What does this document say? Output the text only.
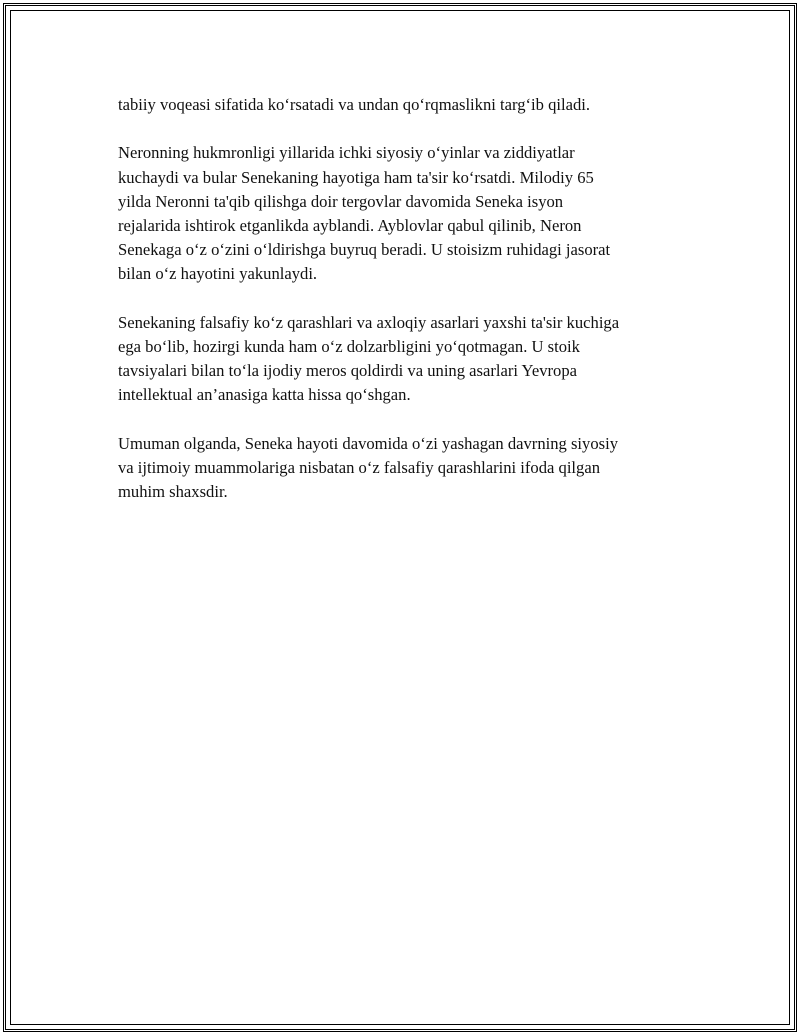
tabiiy voqeasi sifatida ko‘rsatadi va undan qo‘rqmaslikni targ‘ib qiladi.

Neronning hukmronligi yillarida ichki siyosiy o‘yinlar va ziddiyatlar
kuchaydi va bular Senekaning hayotiga ham ta'sir ko‘rsatdi. Milodiy 65
yilda Neronni ta'qib qilishga doir tergovlar davomida Seneka isyon
rejalarida ishtirok etganlikda ayblandi. Ayblovlar qabul qilinib, Neron
Senekaga o‘z o‘zini o‘ldirishga buyruq beradi. U stoisizm ruhidagi jasorat
bilan o‘z hayotini yakunlaydi.

Senekaning falsafiy ko‘z qarashlari va axloqiy asarlari yaxshi ta'sir kuchiga
ega bo‘lib, hozirgi kunda ham o‘z dolzarbligini yo‘qotmagan. U stoik
tavsiyalari bilan to‘la ijodiy meros qoldirdi va uning asarlari Yevropa
intellektual an’anasiga katta hissa qo‘shgan.

Umuman olganda, Seneka hayoti davomida o‘zi yashagan davrning siyosiy
va ijtimoiy muammolariga nisbatan o‘z falsafiy qarashlarini ifoda qilgan
muhim shaxsdir.
